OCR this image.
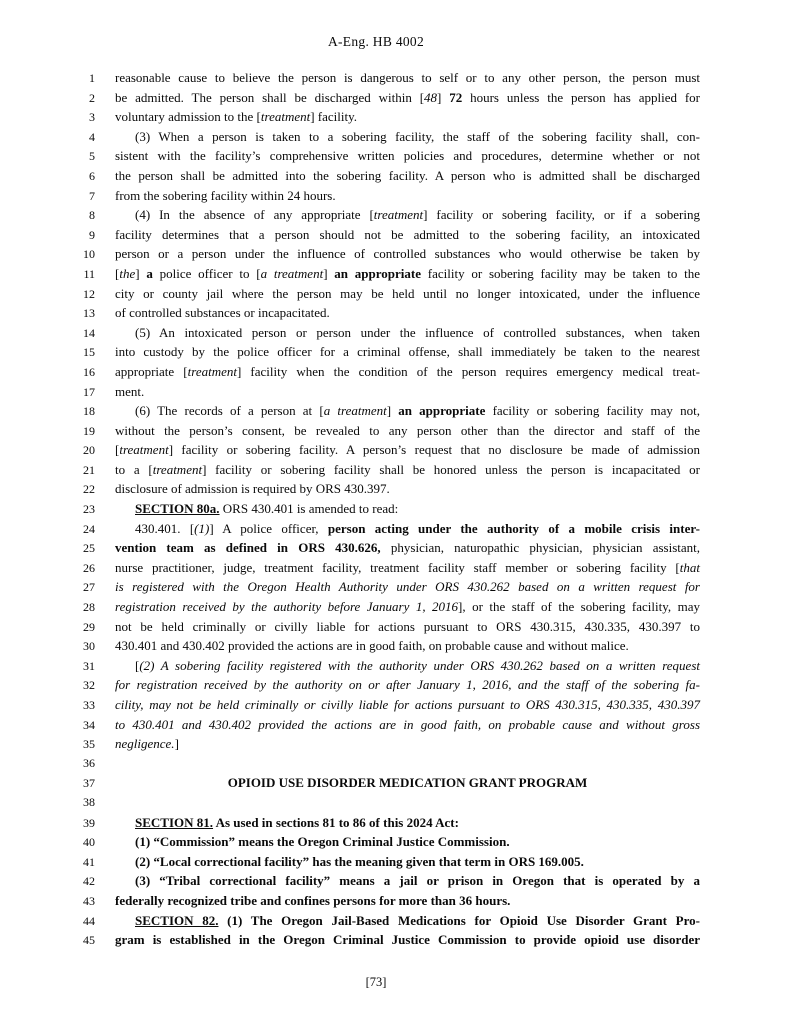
A-Eng. HB 4002
1 reasonable cause to believe the person is dangerous to self or to any other person, the person must
2 be admitted. The person shall be discharged within [48] 72 hours unless the person has applied for
3 voluntary admission to the [treatment] facility.
4	(3) When a person is taken to a sobering facility, the staff of the sobering facility shall, con-
5 sistent with the facility’s comprehensive written policies and procedures, determine whether or not
6 the person shall be admitted into the sobering facility. A person who is admitted shall be discharged
7 from the sobering facility within 24 hours.
8	(4) In the absence of any appropriate [treatment] facility or sobering facility, or if a sobering
9 facility determines that a person should not be admitted to the sobering facility, an intoxicated
10 person or a person under the influence of controlled substances who would otherwise be taken by
11 [the] a police officer to [a treatment] an appropriate facility or sobering facility may be taken to the
12 city or county jail where the person may be held until no longer intoxicated, under the influence
13 of controlled substances or incapacitated.
14	(5) An intoxicated person or person under the influence of controlled substances, when taken
15 into custody by the police officer for a criminal offense, shall immediately be taken to the nearest
16 appropriate [treatment] facility when the condition of the person requires emergency medical treat-
17 ment.
18	(6) The records of a person at [a treatment] an appropriate facility or sobering facility may not,
19 without the person’s consent, be revealed to any person other than the director and staff of the
20 [treatment] facility or sobering facility. A person’s request that no disclosure be made of admission
21 to a [treatment] facility or sobering facility shall be honored unless the person is incapacitated or
22 disclosure of admission is required by ORS 430.397.
23	SECTION 80a. ORS 430.401 is amended to read:
24	430.401. [(1)] A police officer, person acting under the authority of a mobile crisis inter-
25 vention team as defined in ORS 430.626, physician, naturopathic physician, physician assistant,
26 nurse practitioner, judge, treatment facility, treatment facility staff member or sobering facility [that
27 is registered with the Oregon Health Authority under ORS 430.262 based on a written request for
28 registration received by the authority before January 1, 2016], or the staff of the sobering facility, may
29 not be held criminally or civilly liable for actions pursuant to ORS 430.315, 430.335, 430.397 to
30 430.401 and 430.402 provided the actions are in good faith, on probable cause and without malice.
31	[(2) A sobering facility registered with the authority under ORS 430.262 based on a written request
32 for registration received by the authority on or after January 1, 2016, and the staff of the sobering fa-
33 cility, may not be held criminally or civilly liable for actions pursuant to ORS 430.315, 430.335, 430.397
34 to 430.401 and 430.402 provided the actions are in good faith, on probable cause and without gross
35 negligence.]
36
37	OPIOID USE DISORDER MEDICATION GRANT PROGRAM
38
39	SECTION 81. As used in sections 81 to 86 of this 2024 Act:
40	(1) “Commission” means the Oregon Criminal Justice Commission.
41	(2) “Local correctional facility” has the meaning given that term in ORS 169.005.
42	(3) “Tribal correctional facility” means a jail or prison in Oregon that is operated by a
43 federally recognized tribe and confines persons for more than 36 hours.
44	SECTION 82. (1) The Oregon Jail-Based Medications for Opioid Use Disorder Grant Pro-
45 gram is established in the Oregon Criminal Justice Commission to provide opioid use disorder
[73]
